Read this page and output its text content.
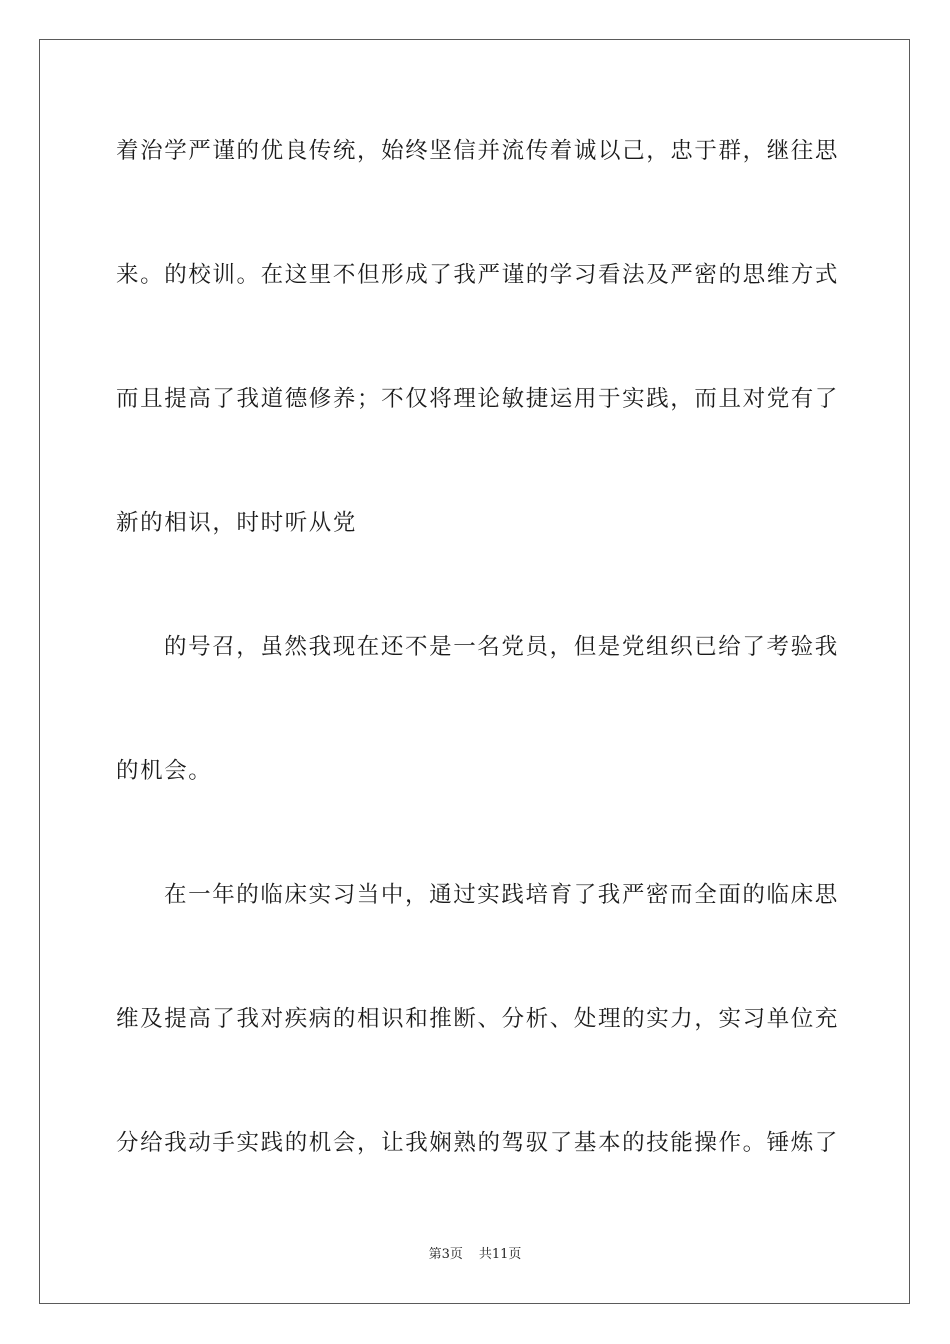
着治学严谨的优良传统，始终坚信并流传着诚以己，忠于群，继往思
来。的校训。在这里不但形成了我严谨的学习看法及严密的思维方式
而且提高了我道德修养；不仅将理论敏捷运用于实践，而且对党有了
新的相识，时时听从党
的号召，虽然我现在还不是一名党员，但是党组织已给了考验我
的机会。
在一年的临床实习当中，通过实践培育了我严密而全面的临床思
维及提高了我对疾病的相识和推断、分析、处理的实力，实习单位充
分给我动手实践的机会，让我娴熟的驾驭了基本的技能操作。锤炼了
第3页 共11页
